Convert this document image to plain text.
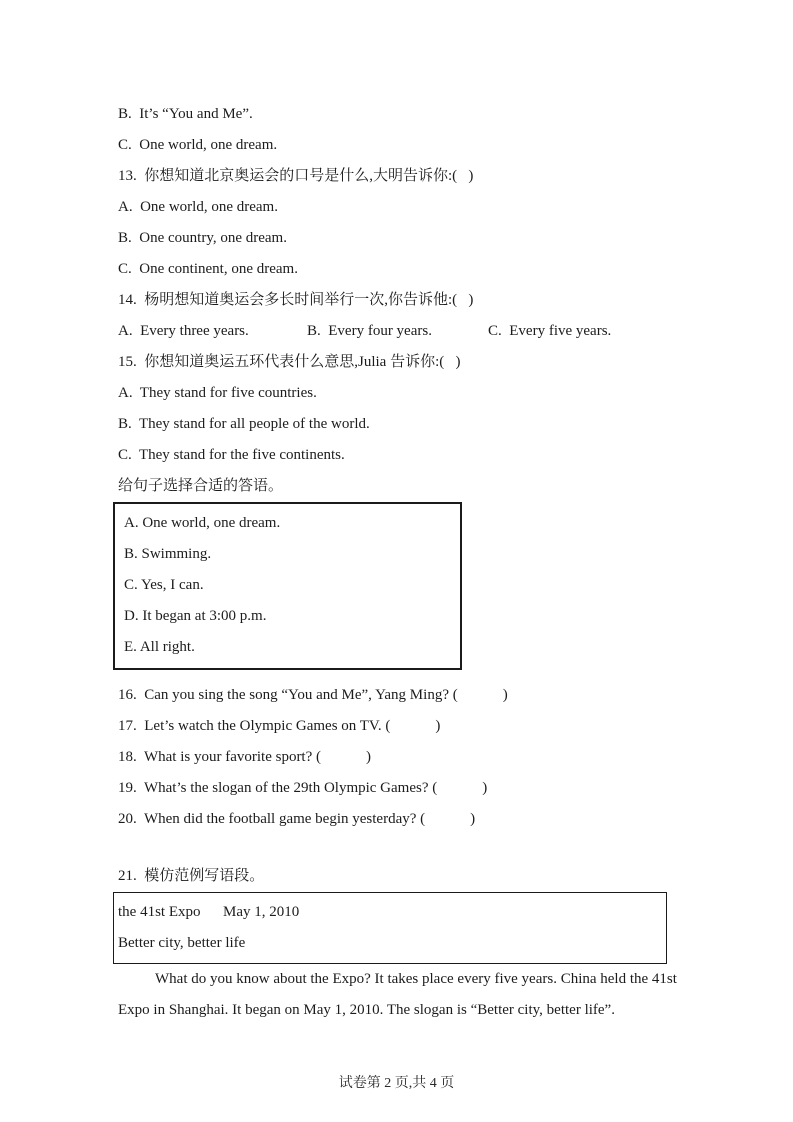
B.  It’s “You and Me”.
C.  One world, one dream.
13.  你想知道北京奥运会的口号是什么,大明告诉你:(   )
A.  One world, one dream.
B.  One country, one dream.
C.  One continent, one dream.
14.  杨明想知道奥运会多长时间举行一次,你告诉他:(   )
A.  Every three years.	B.  Every four years.	C.  Every five years.
15.  你想知道奥运五环代表什么意思,Julia 告诉你:(   )
A.  They stand for five countries.
B.  They stand for all people of the world.
C.  They stand for the five continents.
给句子选择合适的答语。
A. One world, one dream.
B. Swimming.
C. Yes, I can.
D. It began at 3:00 p.m.
E. All right.
16.  Can you sing the song “You and Me”, Yang Ming? (            )
17.  Let’s watch the Olympic Games on TV. (            )
18.  What is your favorite sport? (            )
19.  What’s the slogan of the 29th Olympic Games? (            )
20.  When did the football game begin yesterday? (            )
21.  模仿范例写语段。
the 41st Expo      May 1, 2010
Better city, better life
What do you know about the Expo? It takes place every five years. China held the 41st
Expo in Shanghai. It began on May 1, 2010. The slogan is “Better city, better life”.
试卷第 2 页,共 4 页
